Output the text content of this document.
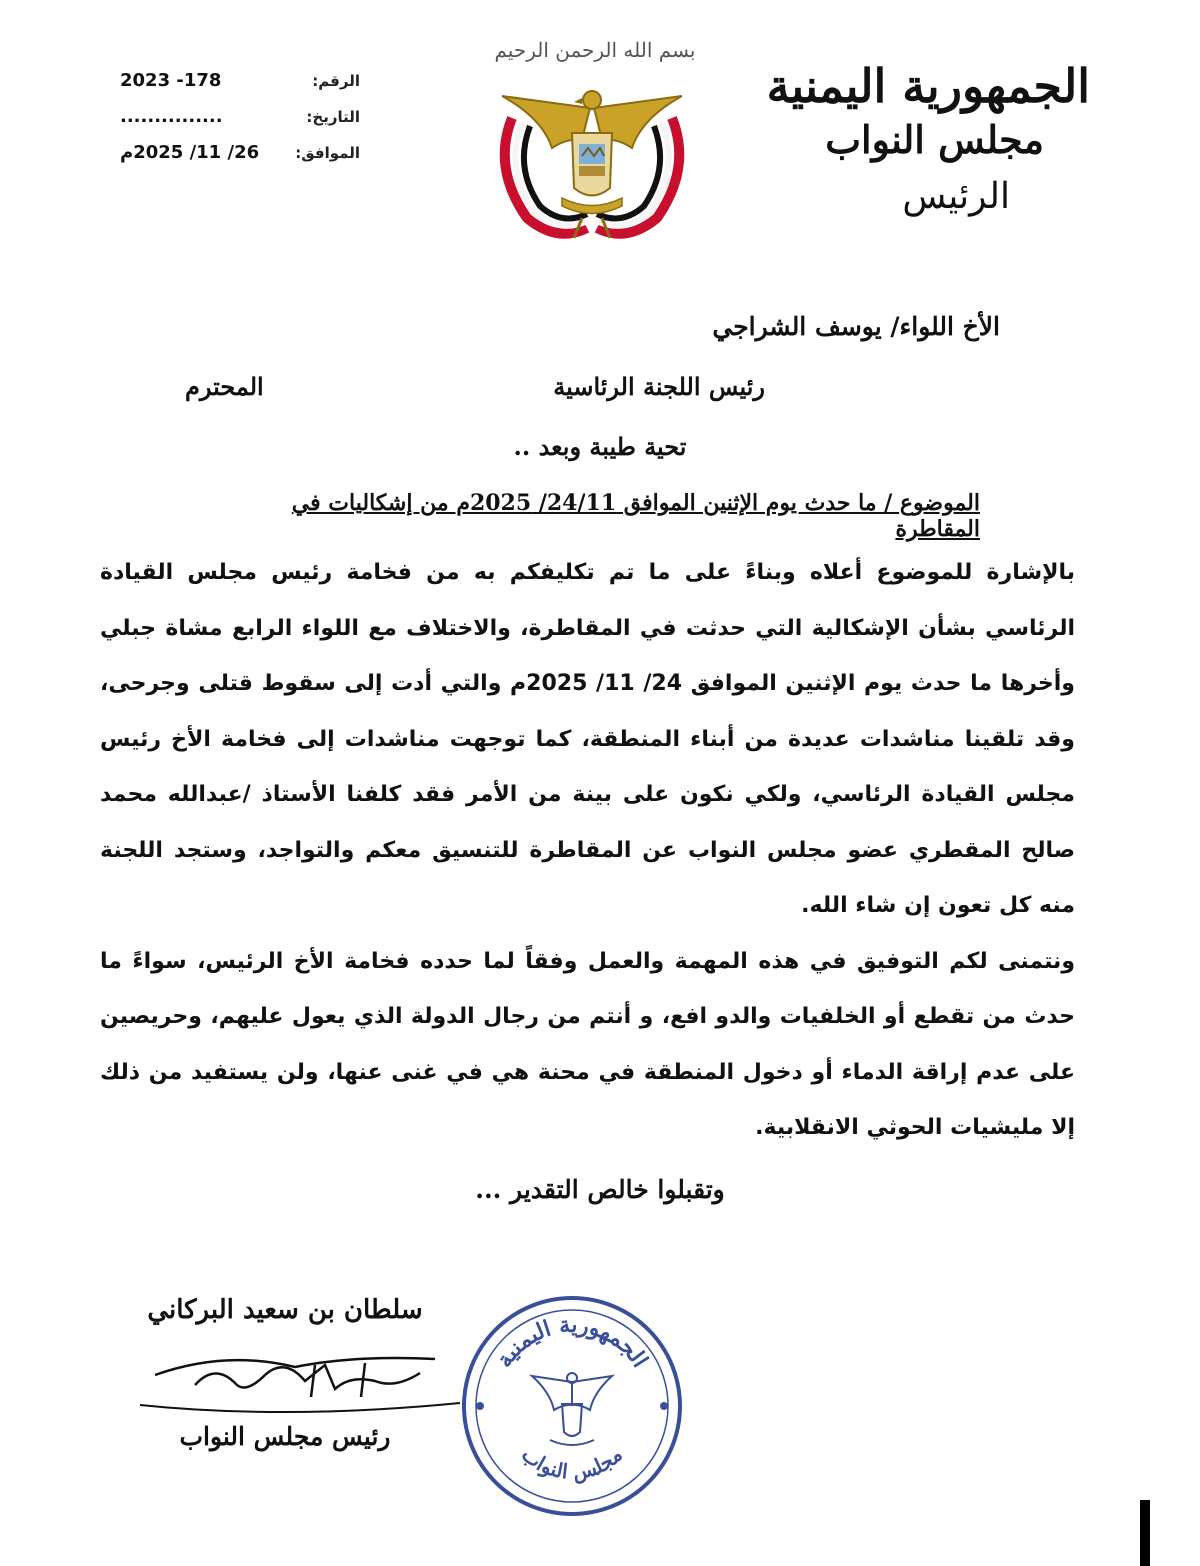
الجمهورية اليمنية
مجلس النواب
الرئيس
بسم الله الرحمن الرحيم
الرقم:
178- 2023
التاريخ:
...............
الموافق:
26/ 11/ 2025م
الأخ اللواء/ يوسف الشراجي
رئيس اللجنة الرئاسية
المحترم
تحية طيبة وبعد ..
الموضوع / ما حدث يوم الإثنين الموافق 24/11/ 2025م من إشكاليات في المقاطرة

بالإشارة للموضوع أعلاه وبناءً على ما تم تكليفكم به من فخامة رئيس مجلس القيادة الرئاسي بشأن الإشكالية التي حدثت في المقاطرة، والاختلاف مع اللواء الرابع مشاة جبلي وأخرها ما حدث يوم الإثنين الموافق 24/ 11/ 2025م والتي أدت إلى سقوط قتلى وجرحى، وقد تلقينا مناشدات عديدة من أبناء المنطقة، كما توجهت مناشدات إلى فخامة الأخ رئيس مجلس القيادة الرئاسي، ولكي نكون على بينة من الأمر فقد كلفنا الأستاذ /عبدالله محمد صالح المقطري عضو مجلس النواب عن المقاطرة للتنسيق معكم والتواجد، وستجد اللجنة منه كل تعون إن شاء الله.

ونتمنى لكم التوفيق في هذه المهمة والعمل وفقاً لما حدده فخامة الأخ الرئيس، سواءً ما حدث من تقطع أو الخلفيات والدو افع، و أنتم من رجال الدولة الذي يعول عليهم، وحريصين على عدم إراقة الدماء أو دخول المنطقة في محنة هي في غنى عنها، ولن يستفيد من ذلك إلا مليشيات الحوثي الانقلابية.

وتقبلوا خالص التقدير ...
سلطان بن سعيد البركاني
رئيس مجلس النواب
الجمهورية اليمنية
مجلس النواب
